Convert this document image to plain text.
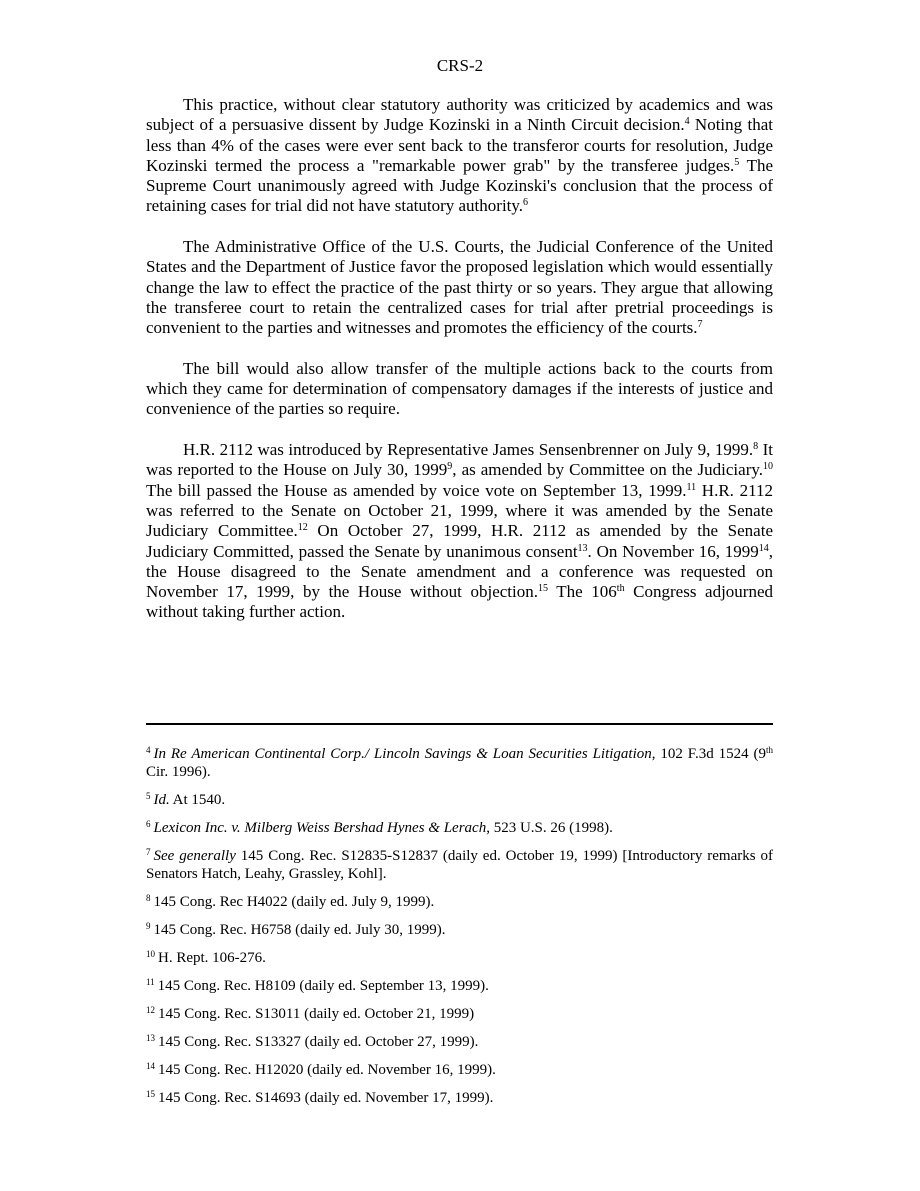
CRS-2

This practice, without clear statutory authority was criticized by academics and was subject of a persuasive dissent by Judge Kozinski in a Ninth Circuit decision.$^4$ Noting that less than 4% of the cases were ever sent back to the transferor courts for resolution, Judge Kozinski termed the process a "remarkable power grab" by the transferee judges.$^5$ The Supreme Court unanimously agreed with Judge Kozinski's conclusion that the process of retaining cases for trial did not have statutory authority.$^6$

The Administrative Office of the U.S. Courts, the Judicial Conference of the United States and the Department of Justice favor the proposed legislation which would essentially change the law to effect the practice of the past thirty or so years. They argue that allowing the transferee court to retain the centralized cases for trial after pretrial proceedings is convenient to the parties and witnesses and promotes the efficiency of the courts.$^7$

The bill would also allow transfer of the multiple actions back to the courts from which they came for determination of compensatory damages if the interests of justice and convenience of the parties so require.

H.R. 2112 was introduced by Representative James Sensenbrenner on July 9, 1999.$^8$ It was reported to the House on July 30, 1999$^9$, as amended by Committee on the Judiciary.$^{10}$ The bill passed the House as amended by voice vote on September 13, 1999.11 H.R. 2112 was referred to the Senate on October 21, 1999, where it was amended by the Senate Judiciary Committee.$^{12}$ On October 27, 1999, H.R. 2112 as amended by the Senate Judiciary Committed, passed the Senate by unanimous consent$^{13}$. On November 16, 1999$^{14}$, the House disagreed to the Senate amendment and a conference was requested on November 17, 1999, by the House without objection.$^{15}$ The 106th Congress adjourned without taking further action.

$^4$ In Re American Continental Corp./ Lincoln Savings & Loan Securities Litigation, 102 F.3d 1524 (9th Cir. 1996).
$^5$ Id. At 1540.
$^6$ Lexicon Inc. v. Milberg Weiss Bershad Hynes & Lerach, 523 U.S. 26 (1998).
$^7$ See generally 145 Cong. Rec. S12835-S12837 (daily ed. October 19, 1999) [Introductory remarks of Senators Hatch, Leahy, Grassley, Kohl].
$^8$ 145 Cong. Rec H4022 (daily ed. July 9, 1999).
$^9$ 145 Cong. Rec. H6758 (daily ed. July 30, 1999).
$^{10}$ H. Rept. 106-276.
$^{11}$ 145 Cong. Rec. H8109 (daily ed. September 13, 1999).
$^{12}$ 145 Cong. Rec. S13011 (daily ed. October 21, 1999)
$^{13}$ 145 Cong. Rec. S13327 (daily ed. October 27, 1999).
$^{14}$ 145 Cong. Rec. H12020 (daily ed. November 16, 1999).
$^{15}$ 145 Cong. Rec. S14693 (daily ed. November 17, 1999).
